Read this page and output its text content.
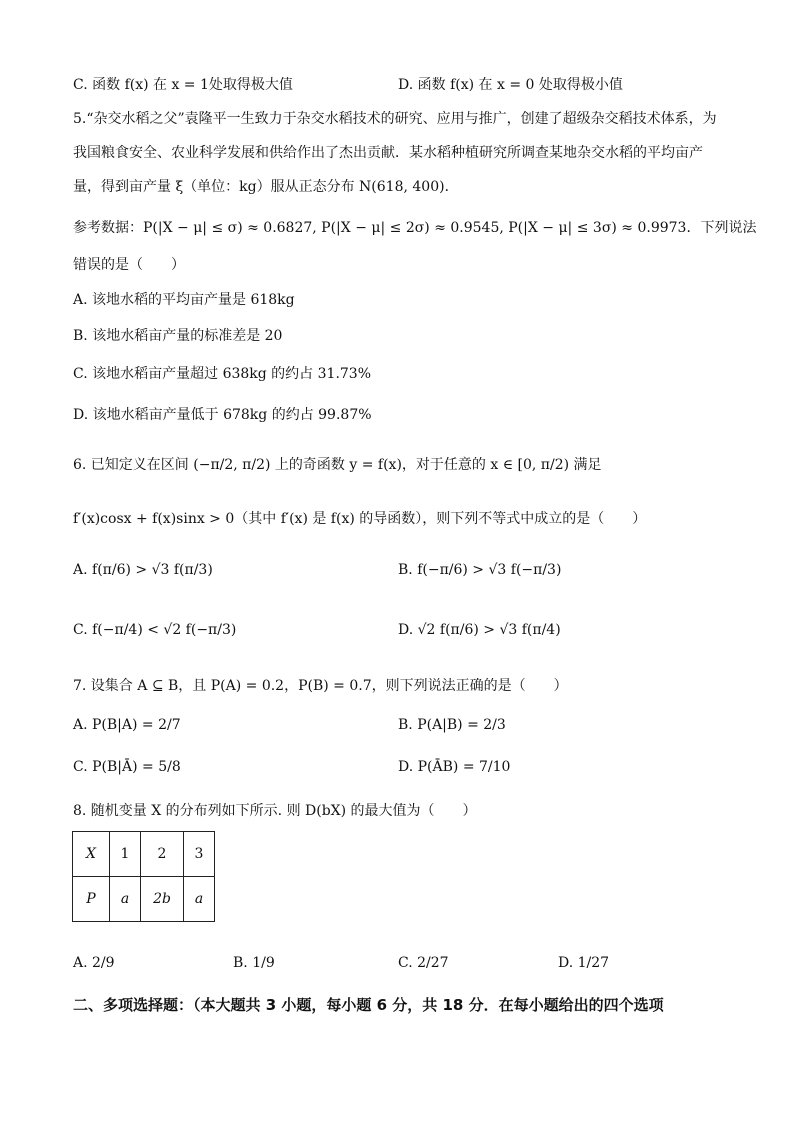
C. 函数 f(x) 在 x = 1处取得极大值	D. 函数 f(x) 在 x = 0 处取得极小值
5.“杂交水稻之父”袁隆平一生致力于杂交水稻技术的研究、应用与推广，创建了超级杂交稻技术体系，为
我国粮食安全、农业科学发展和供给作出了杰出贡献．某水稻种植研究所调查某地杂交水稻的平均亩产
量，得到亩产量 ξ（单位：kg）服从正态分布 N(618, 400)．
参考数据：P(|X − μ| ≤ σ) ≈ 0.6827, P(|X − μ| ≤ 2σ) ≈ 0.9545, P(|X − μ| ≤ 3σ) ≈ 0.9973．下列说法
错误的是（　　）
A. 该地水稻的平均亩产量是 618kg
B. 该地水稻亩产量的标准差是 20
C. 该地水稻亩产量超过 638kg 的约占 31.73%
D. 该地水稻亩产量低于 678kg 的约占 99.87%
6. 已知定义在区间 (−π/2, π/2) 上的奇函数 y = f(x)，对于任意的 x ∈ [0, π/2) 满足
f′(x)cosx + f(x)sinx > 0（其中 f′(x) 是 f(x) 的导函数），则下列不等式中成立的是（　　）
A. f(π/6) > √3 f(π/3)	B. f(−π/6) > √3 f(−π/3)
C. f(−π/4) < √2 f(−π/3)	D. √2 f(π/6) > √3 f(π/4)
7. 设集合 A ⊆ B，且 P(A) = 0.2，P(B) = 0.7，则下列说法正确的是（　　）
A. P(B|A) = 2/7	B. P(A|B) = 2/3
C. P(B|Ā) = 5/8	D. P(ĀB) = 7/10
8. 随机变量 X 的分布列如下所示. 则 D(bX) 的最大值为（　　）
X	1	2	3
P	a	2b	a
A. 2/9	B. 1/9	C. 2/27	D. 1/27
二、多项选择题：（本大题共 3 小题，每小题 6 分，共 18 分．在每小题给出的四个选项
